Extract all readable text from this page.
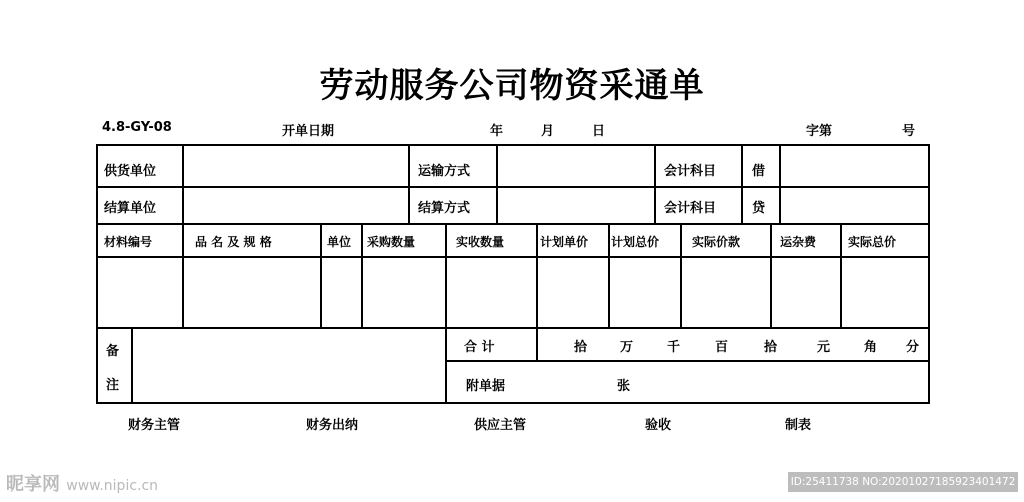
劳动服务公司物资采通单
4.8-GY-08	开单日期	年	月	日	字第	号
供货单位	运输方式	会计科目	借
结算单位	结算方式	会计科目	贷
材料编号	品 名 及 规 格	单位 采购数量	实收数量	计划单价 计划总价	实际价款	运杂费	实际总价
备
注
合 计	拾	万	千	百	拾	元	角 分
附单据	张
财务主管	财务出纳	供应主管	验收	制表
昵享网 www.nipic.cn	ID:25411738 NO:20201027185923401472
